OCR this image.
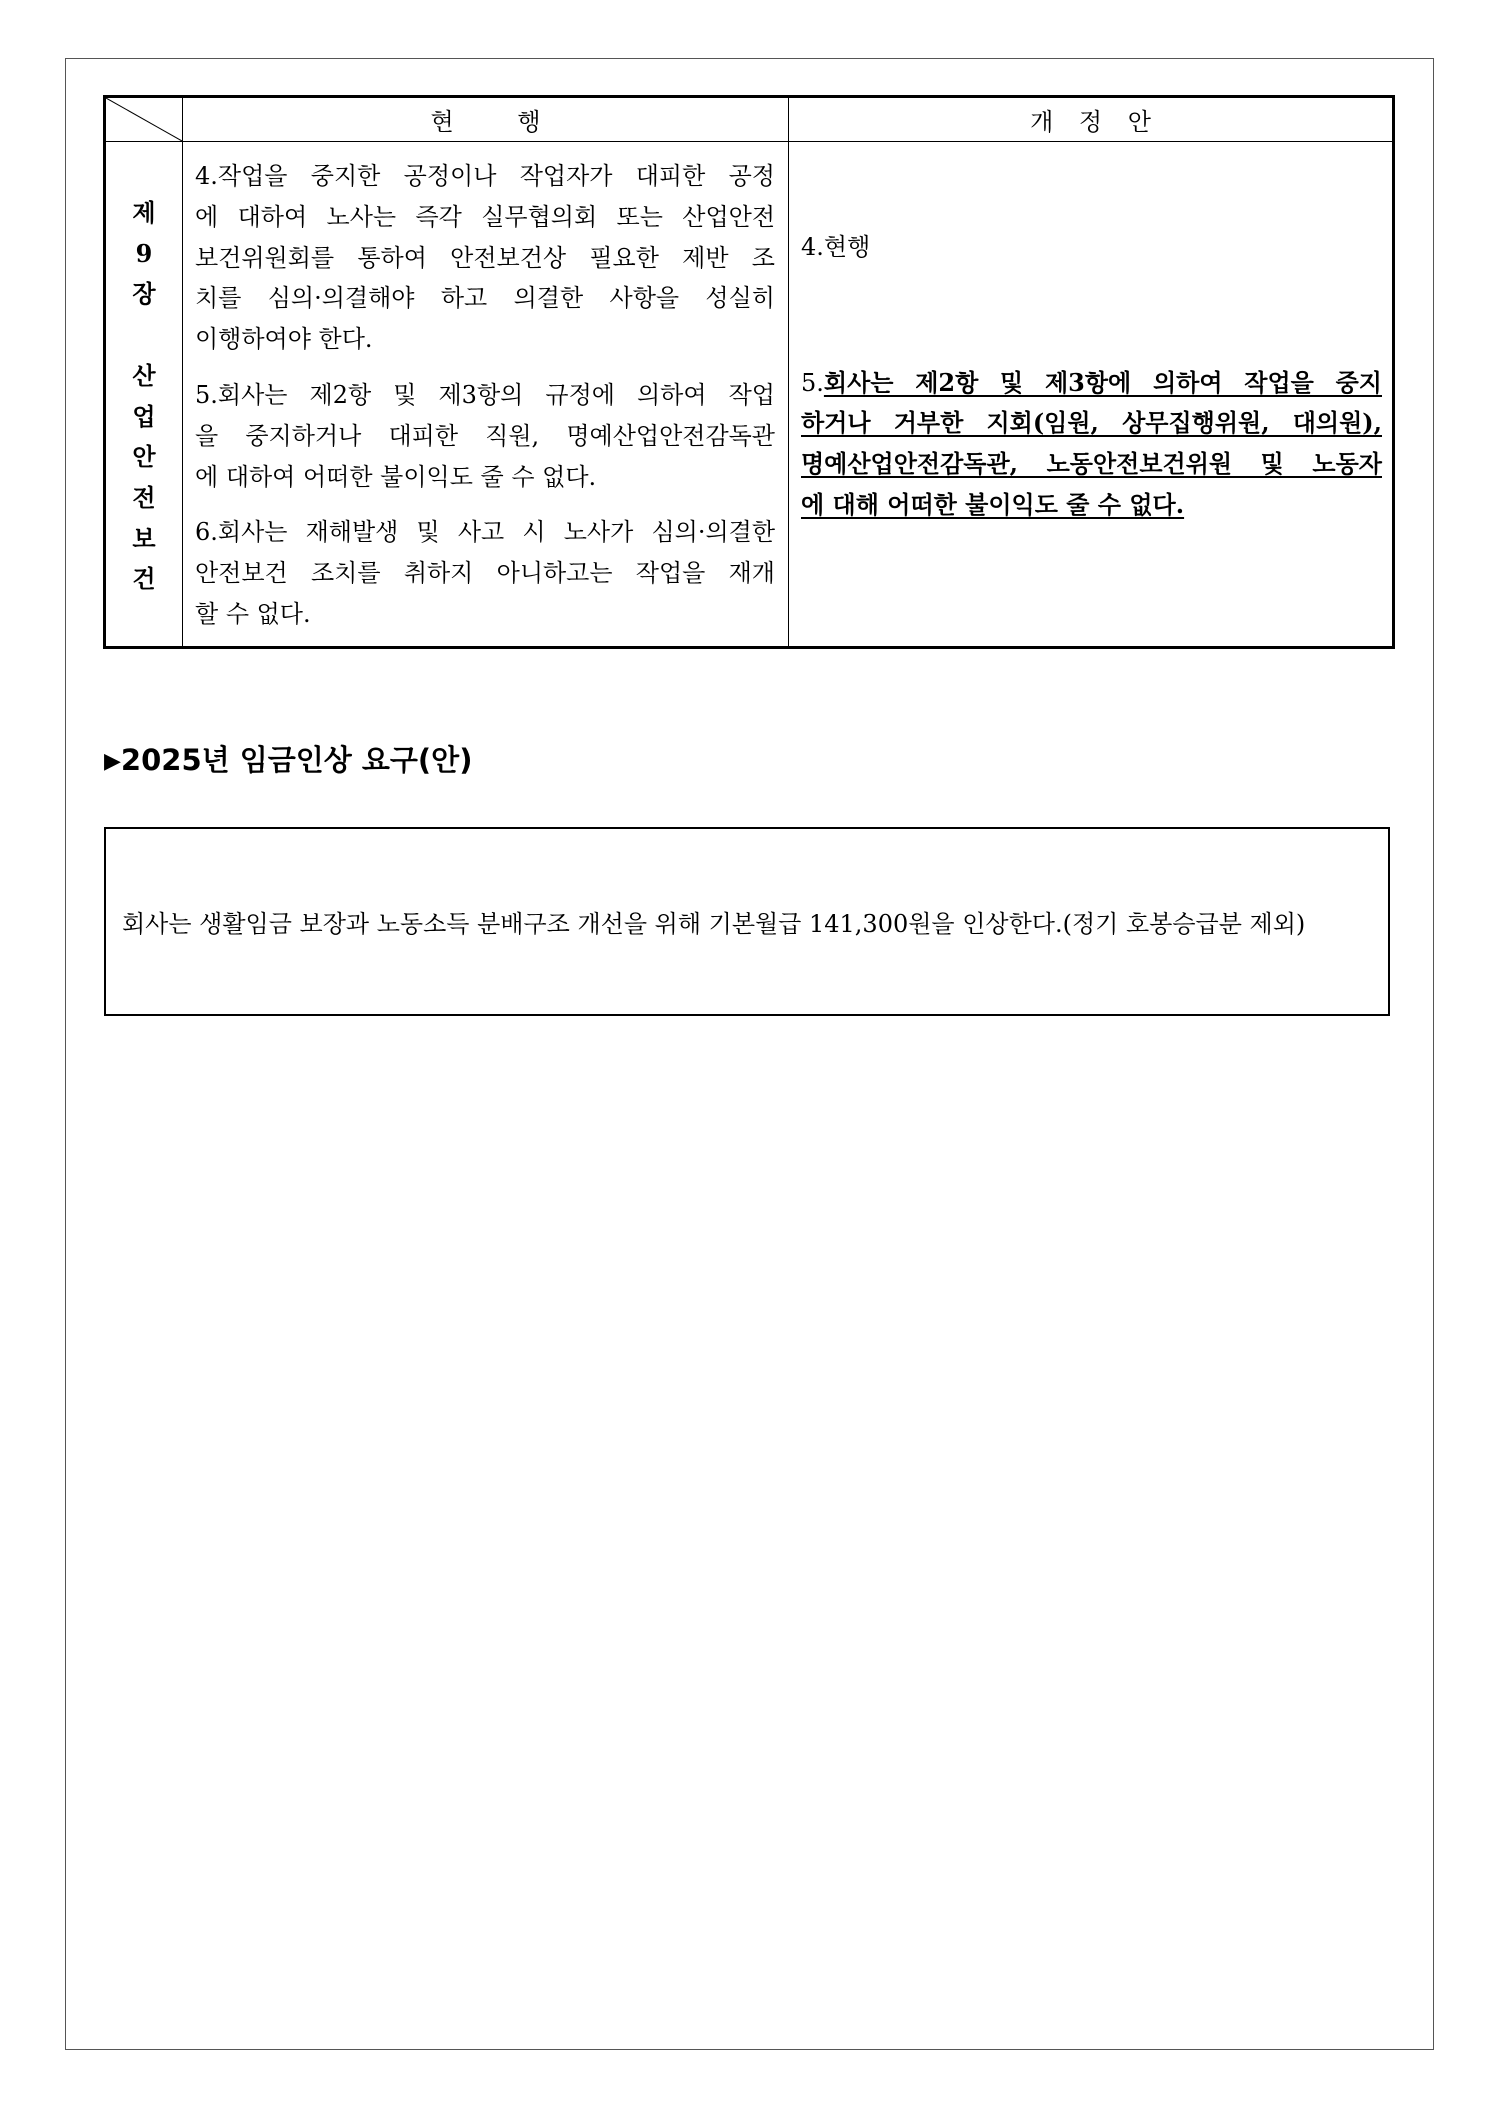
현 행	개 정 안
제
9
장
산
업
안
전
보
건
4.작업을 중지한 공정이나 작업자가 대피한 공정
에 대하여 노사는 즉각 실무협의회 또는 산업안전
보건위원회를 통하여 안전보건상 필요한 제반 조
치를 심의·의결해야 하고 의결한 사항을 성실히
이행하여야 한다.
5.회사는 제2항 및 제3항의 규정에 의하여 작업
을 중지하거나 대피한 직원, 명예산업안전감독관
에 대하여 어떠한 불이익도 줄 수 없다.
6.회사는 재해발생 및 사고 시 노사가 심의·의결한
안전보건 조치를 취하지 아니하고는 작업을 재개
할 수 없다.
4.현행
5.회사는 제2항 및 제3항에 의하여 작업을 중지
하거나 거부한 지회(임원, 상무집행위원, 대의원),
명예산업안전감독관, 노동안전보건위원 및 노동자
에 대해 어떠한 불이익도 줄 수 없다.
▶2025년 임금인상 요구(안)
회사는 생활임금 보장과 노동소득 분배구조 개선을 위해 기본월급 141,300원을 인상한다.(정기 호봉승급분 제외)
